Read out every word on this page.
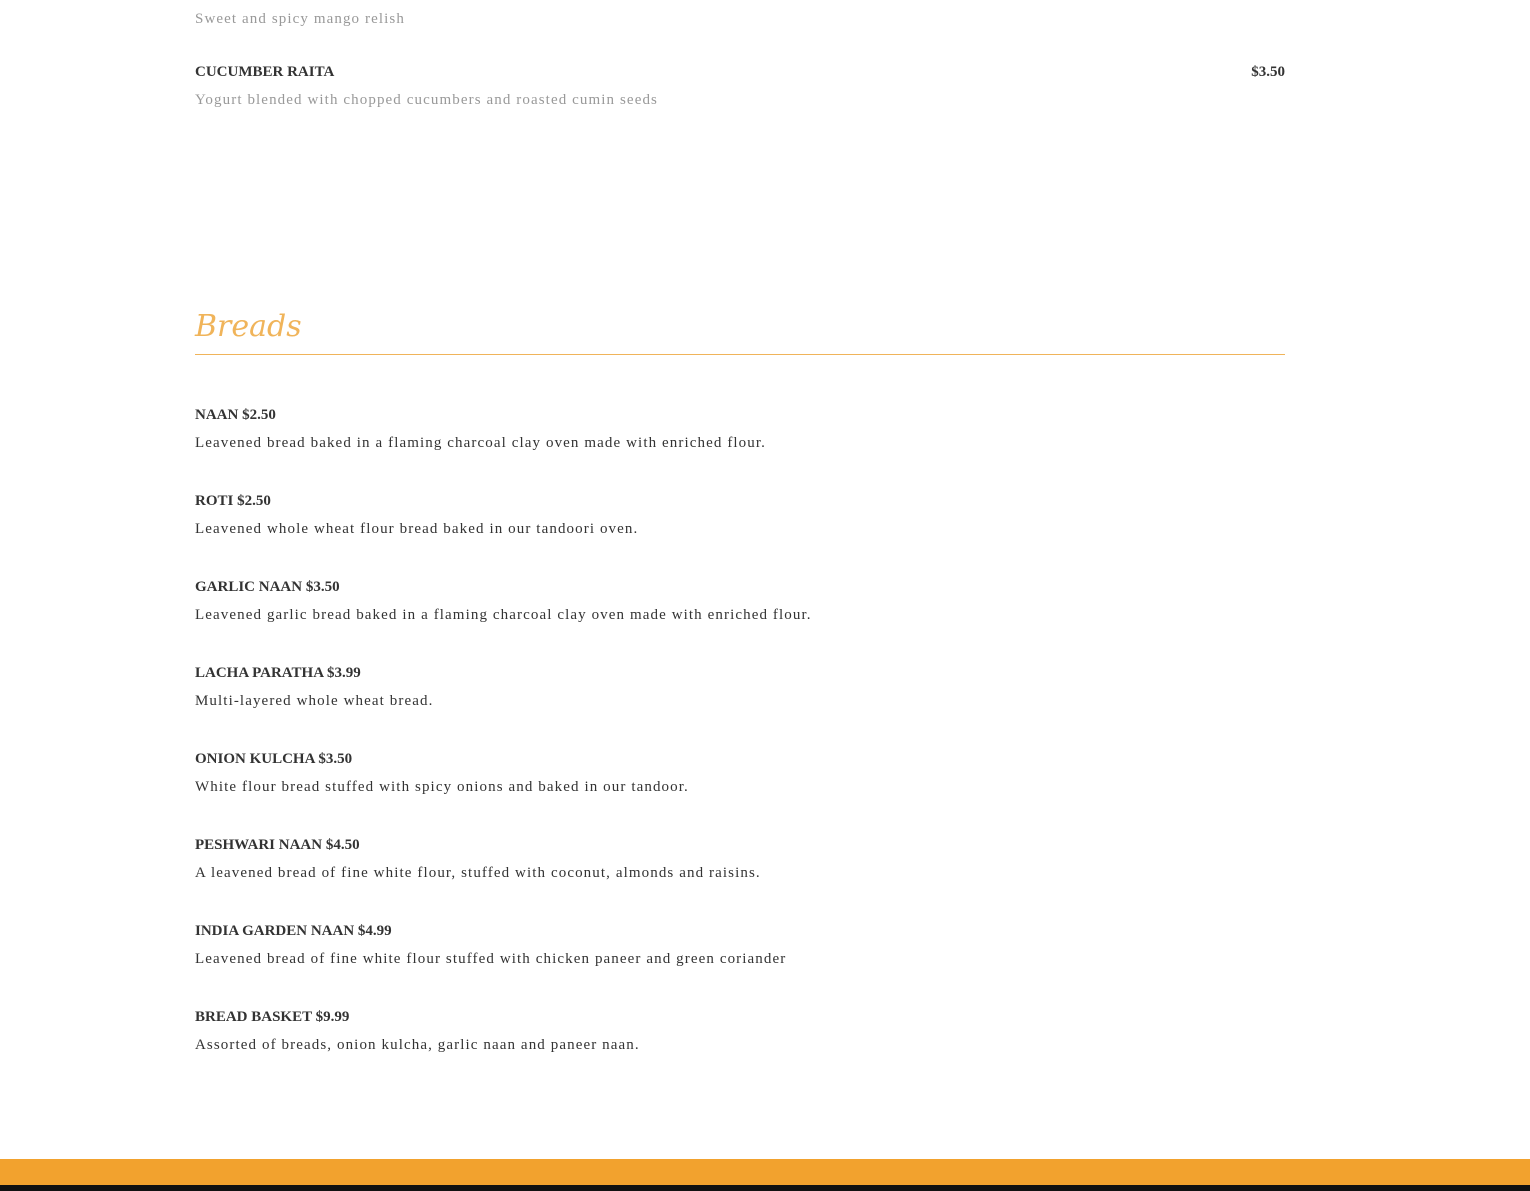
Sweet and spicy mango relish

CUCUMBER RAITA	$3.50

Yogurt blended with chopped cucumbers and roasted cumin seeds

Breads

NAAN $2.50

Leavened bread baked in a flaming charcoal clay oven made with enriched flour.

ROTI $2.50

Leavened whole wheat flour bread baked in our tandoori oven.

GARLIC NAAN $3.50

Leavened garlic bread baked in a flaming charcoal clay oven made with enriched flour.

LACHA PARATHA $3.99

Multi-layered whole wheat bread.

ONION KULCHA $3.50

White flour bread stuffed with spicy onions and baked in our tandoor.

PESHWARI NAAN $4.50

A leavened bread of fine white flour, stuffed with coconut, almonds and raisins.

INDIA GARDEN NAAN $4.99

Leavened bread of fine white flour stuffed with chicken paneer and green coriander

BREAD BASKET $9.99

Assorted of breads, onion kulcha, garlic naan and paneer naan.
